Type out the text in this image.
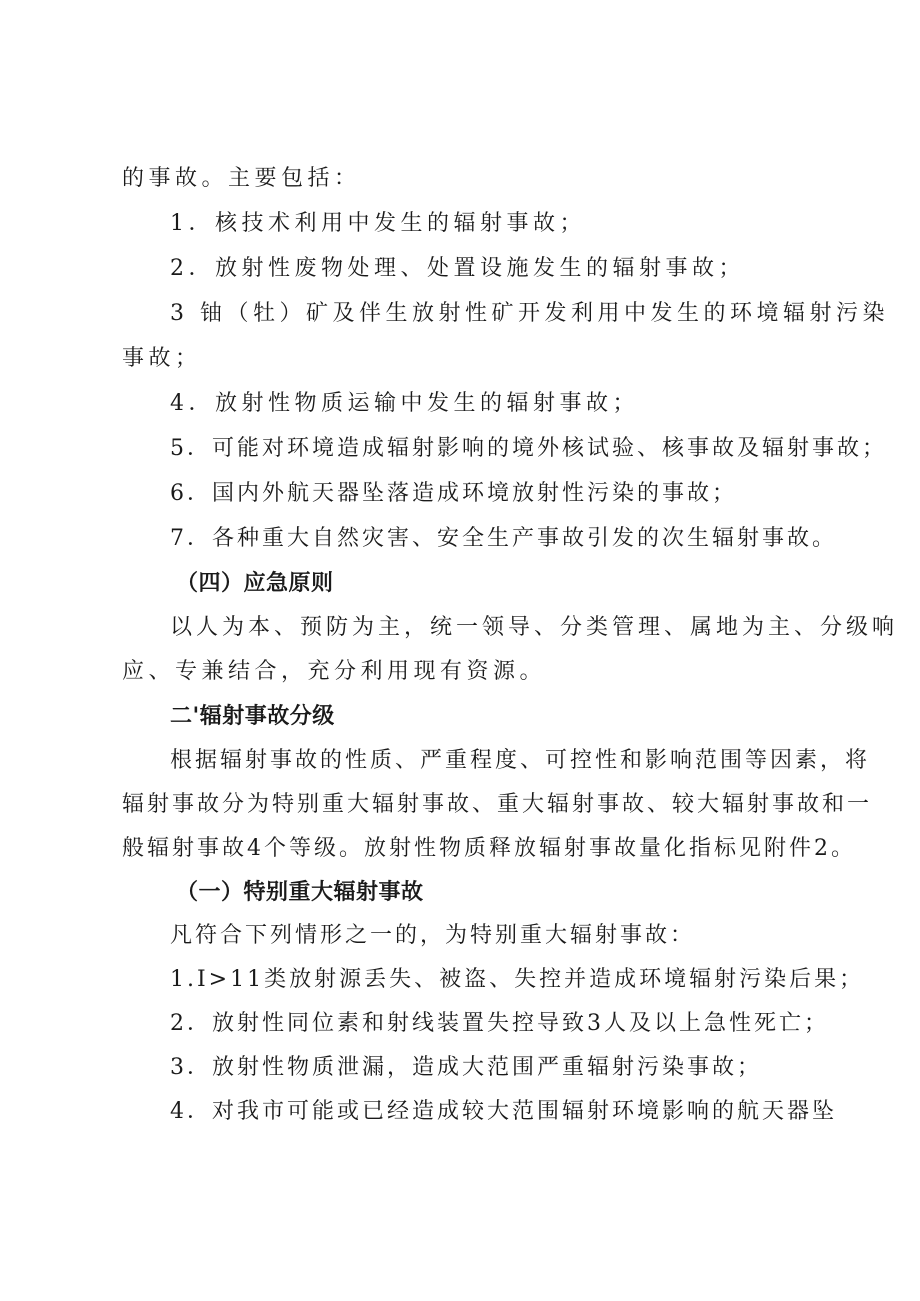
的事故。主要包括：
1．核技术利用中发生的辐射事故；
2．放射性废物处理、处置设施发生的辐射事故；
3 铀（牡）矿及伴生放射性矿开发利用中发生的环境辐射污染
事故；
4．放射性物质运输中发生的辐射事故；
5．可能对环境造成辐射影响的境外核试验、核事故及辐射事故；
6．国内外航天器坠落造成环境放射性污染的事故；
7．各种重大自然灾害、安全生产事故引发的次生辐射事故。
（四）应急原则
以人为本、预防为主，统一领导、分类管理、属地为主、分级响
应、专兼结合，充分利用现有资源。
二'辐射事故分级
根据辐射事故的性质、严重程度、可控性和影响范围等因素，将
辐射事故分为特别重大辐射事故、重大辐射事故、较大辐射事故和一
般辐射事故4个等级。放射性物质释放辐射事故量化指标见附件2。
（一）特别重大辐射事故
凡符合下列情形之一的，为特别重大辐射事故：
1.I>11类放射源丢失、被盗、失控并造成环境辐射污染后果；
2．放射性同位素和射线装置失控导致3人及以上急性死亡；
3．放射性物质泄漏，造成大范围严重辐射污染事故；
4．对我市可能或已经造成较大范围辐射环境影响的航天器坠
